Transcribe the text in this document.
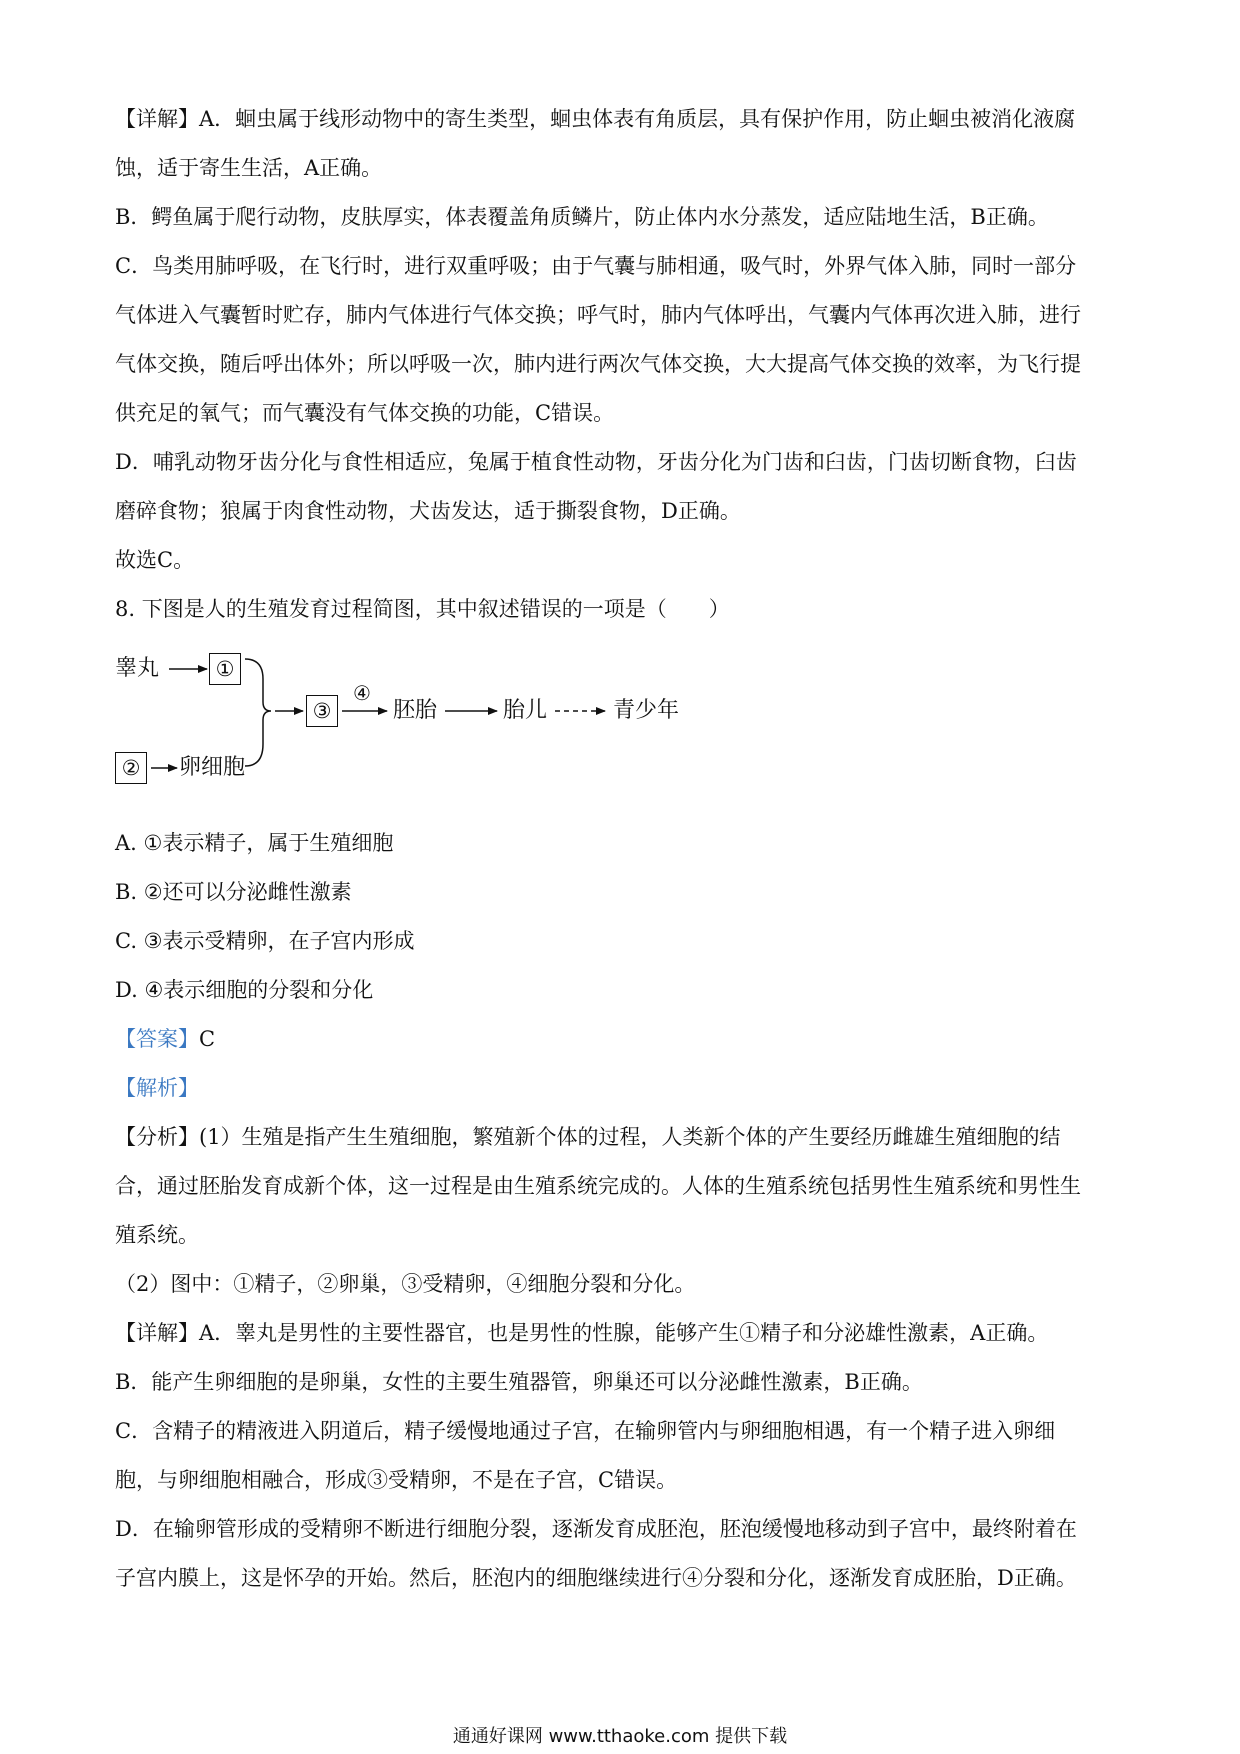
【详解】A．蛔虫属于线形动物中的寄生类型，蛔虫体表有角质层，具有保护作用，防止蛔虫被消化液腐

蚀，适于寄生生活，A正确。

B．鳄鱼属于爬行动物，皮肤厚实，体表覆盖角质鳞片，防止体内水分蒸发，适应陆地生活，B正确。

C．鸟类用肺呼吸，在飞行时，进行双重呼吸；由于气囊与肺相通，吸气时，外界气体入肺，同时一部分

气体进入气囊暂时贮存，肺内气体进行气体交换；呼气时，肺内气体呼出，气囊内气体再次进入肺，进行

气体交换，随后呼出体外；所以呼吸一次，肺内进行两次气体交换，大大提高气体交换的效率，为飞行提

供充足的氧气；而气囊没有气体交换的功能，C错误。

D．哺乳动物牙齿分化与食性相适应，兔属于植食性动物，牙齿分化为门齿和臼齿，门齿切断食物，臼齿

磨碎食物；狼属于肉食性动物，犬齿发达，适于撕裂食物，D正确。

故选C。

8. 下图是人的生殖发育过程简图，其中叙述错误的一项是（　　）

睾丸	①
② 卵细胞
③
④
胚胎	胎儿	青少年

A. ①表示精子，属于生殖细胞

B. ②还可以分泌雌性激素

C. ③表示受精卵，在子宫内形成

D. ④表示细胞的分裂和分化

【答案】C

【解析】

【分析】(1）生殖是指产生生殖细胞，繁殖新个体的过程，人类新个体的产生要经历雌雄生殖细胞的结

合，通过胚胎发育成新个体，这一过程是由生殖系统完成的。人体的生殖系统包括男性生殖系统和男性生

殖系统。

（2）图中：①精子，②卵巢，③受精卵，④细胞分裂和分化。

【详解】A．睾丸是男性的主要性器官，也是男性的性腺，能够产生①精子和分泌雄性激素，A正确。

B．能产生卵细胞的是卵巢，女性的主要生殖器管，卵巢还可以分泌雌性激素，B正确。

C．含精子的精液进入阴道后，精子缓慢地通过子宫，在输卵管内与卵细胞相遇，有一个精子进入卵细

胞，与卵细胞相融合，形成③受精卵，不是在子宫，C错误。

D．在输卵管形成的受精卵不断进行细胞分裂，逐渐发育成胚泡，胚泡缓慢地移动到子宫中，最终附着在

子宫内膜上，这是怀孕的开始。然后，胚泡内的细胞继续进行④分裂和分化，逐渐发育成胚胎，D正确。

通通好课网 www.tthaoke.com 提供下载
